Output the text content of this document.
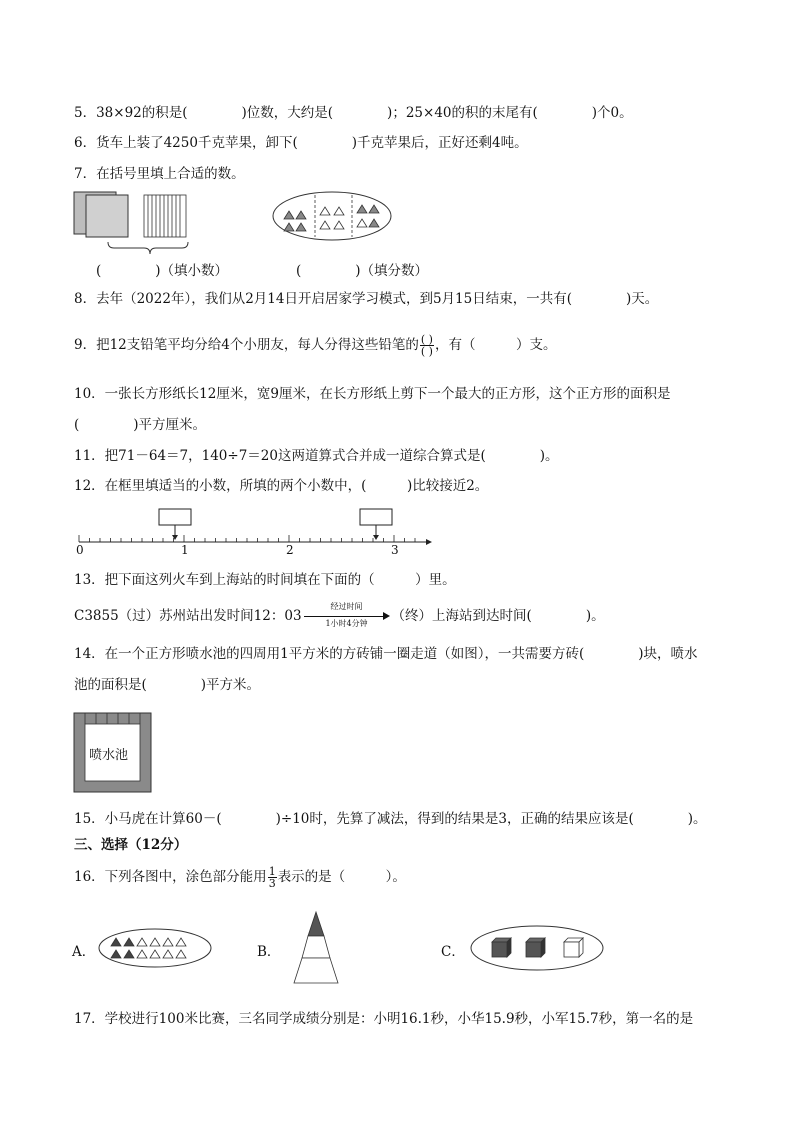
5．38×92的积是(　　　　)位数，大约是(　　　　)；25×40的积的末尾有(　　　　)个0。
6．货车上装了4250千克苹果，卸下(　　　　)千克苹果后，正好还剩4吨。
7．在括号里填上合适的数。
(　　　　)（填小数）	(　　　　)（填分数）
8．去年（2022年），我们从2月14日开启居家学习模式，到5月15日结束，一共有(　　　　)天。
9．把12支铅笔平均分给4个小朋友，每人分得这些铅笔的 $\frac{( )}{( )}$ ，有（　　　）支。
10．一张长方形纸长12厘米，宽9厘米，在长方形纸上剪下一个最大的正方形，这个正方形的面积是
(　　　　)平方厘米。
11．把71－64＝7，140÷7＝20这两道算式合并成一道综合算式是(　　　　)。
12．在框里填适当的小数，所填的两个小数中，(　　　)比较接近2。
0	1	2	3
13．把下面这列火车到上海站的时间填在下面的（　　　）里。
C3855（过）苏州站出发时间12：03
经过时间
1小时4分钟	（终）上海站到达时间(　　　　)。
14．在一个正方形喷水池的四周用1平方米的方砖铺一圈走道（如图），一共需要方砖(　　　　)块，喷水
池的面积是(　　　　)平方米。
喷水池
15．小马虎在计算60－(　　　　)÷10时，先算了减法，得到的结果是3，正确的结果应该是(　　　　)。
三、选择（12分）
16．下列各图中，涂色部分能用 $\frac{1}{3}$ 表示的是（　　　）。
A．	B．	C．
17．学校进行100米比赛，三名同学成绩分别是：小明16.1秒，小华15.9秒，小军15.7秒，第一名的是
